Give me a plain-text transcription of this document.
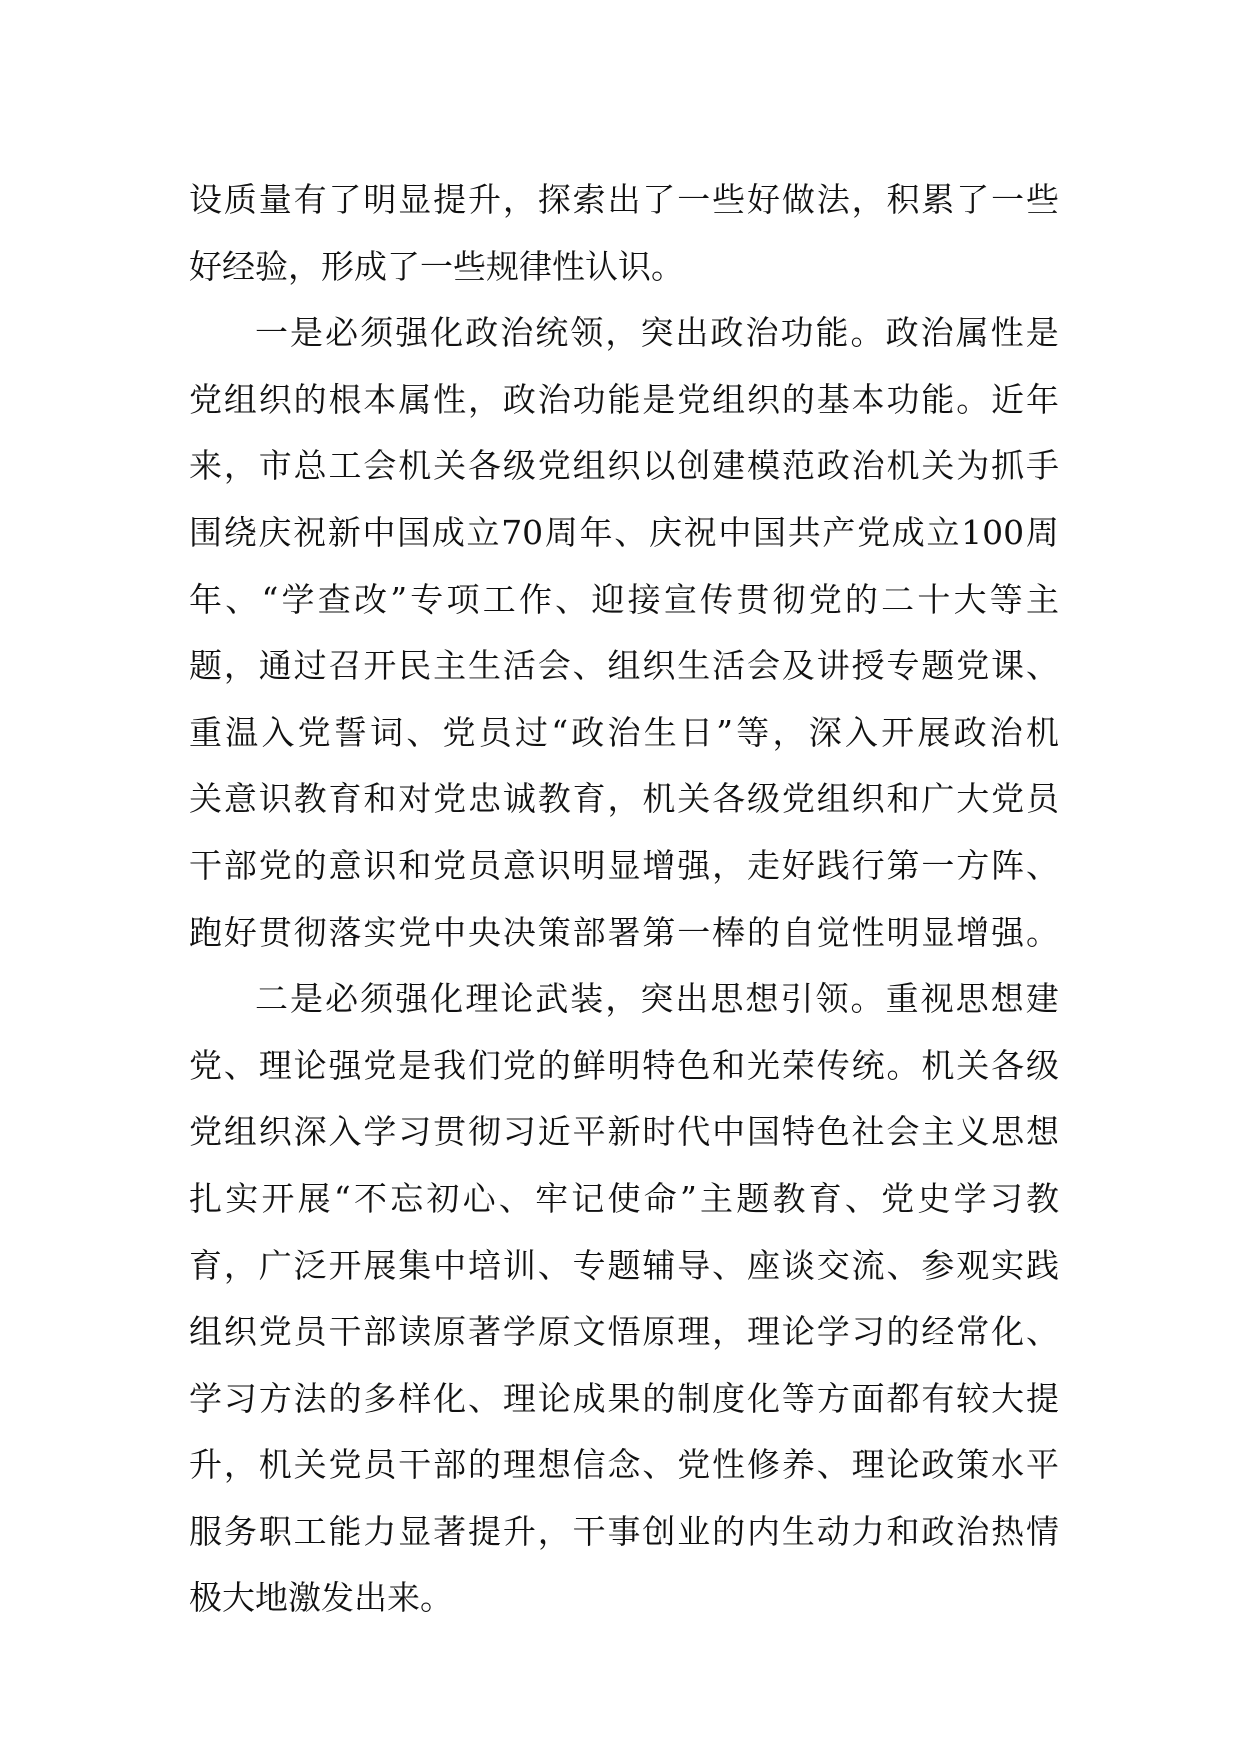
设 质 量 有 了 明 显 提 升 ， 探 索 出 了 一 些 好 做 法 ， 积 累 了 一 些
好经验，形成了一些规律性认识。
一 是 必 须 强 化 政 治 统 领 ， 突 出 政 治 功 能 。 政 治 属 性 是
党 组 织 的 根 本 属 性 ， 政 治 功 能 是 党 组 织 的 基 本 功 能 。 近 年
来 ， 市 总 工 会 机 关 各 级 党 组 织 以 创 建 模 范 政 治 机 关 为 抓 手
围 绕 庆 祝 新 中 国 成 立 70 周 年 、 庆 祝 中 国 共 产 党 成 立 100 周
年 、 “ 学 查 改 ” 专 项 工 作 、 迎 接 宣 传 贯 彻 党 的 二 十 大 等 主
题 ， 通 过 召 开 民 主 生 活 会 、 组 织 生 活 会 及 讲 授 专 题 党 课 、
重 温 入 党 誓 词 、 党 员 过 “ 政 治 生 日 ” 等 ， 深 入 开 展 政 治 机
关 意 识 教 育 和 对 党 忠 诚 教 育 ， 机 关 各 级 党 组 织 和 广 大 党 员
干 部 党 的 意 识 和 党 员 意 识 明 显 增 强 ， 走 好 践 行 第 一 方 阵 、
跑 好 贯 彻 落 实 党 中 央 决 策 部 署 第 一 棒 的 自 觉 性 明 显 增 强 。
二 是 必 须 强 化 理 论 武 装 ， 突 出 思 想 引 领 。 重 视 思 想 建
党 、 理 论 强 党 是 我 们 党 的 鲜 明 特 色 和 光 荣 传 统 。 机 关 各 级
党 组 织 深 入 学 习 贯 彻 习 近 平 新 时 代 中 国 特 色 社 会 主 义 思 想
扎 实 开 展 “ 不 忘 初 心 、 牢 记 使 命 ” 主 题 教 育 、 党 史 学 习 教
育 ， 广 泛 开 展 集 中 培 训 、 专 题 辅 导 、 座 谈 交 流 、 参 观 实 践
组 织 党 员 干 部 读 原 著 学 原 文 悟 原 理 ， 理 论 学 习 的 经 常 化 、
学 习 方 法 的 多 样 化 、 理 论 成 果 的 制 度 化 等 方 面 都 有 较 大 提
升 ， 机 关 党 员 干 部 的 理 想 信 念 、 党 性 修 养 、 理 论 政 策 水 平
服 务 职 工 能 力 显 著 提 升 ， 干 事 创 业 的 内 生 动 力 和 政 治 热 情
极大地激发出来。
